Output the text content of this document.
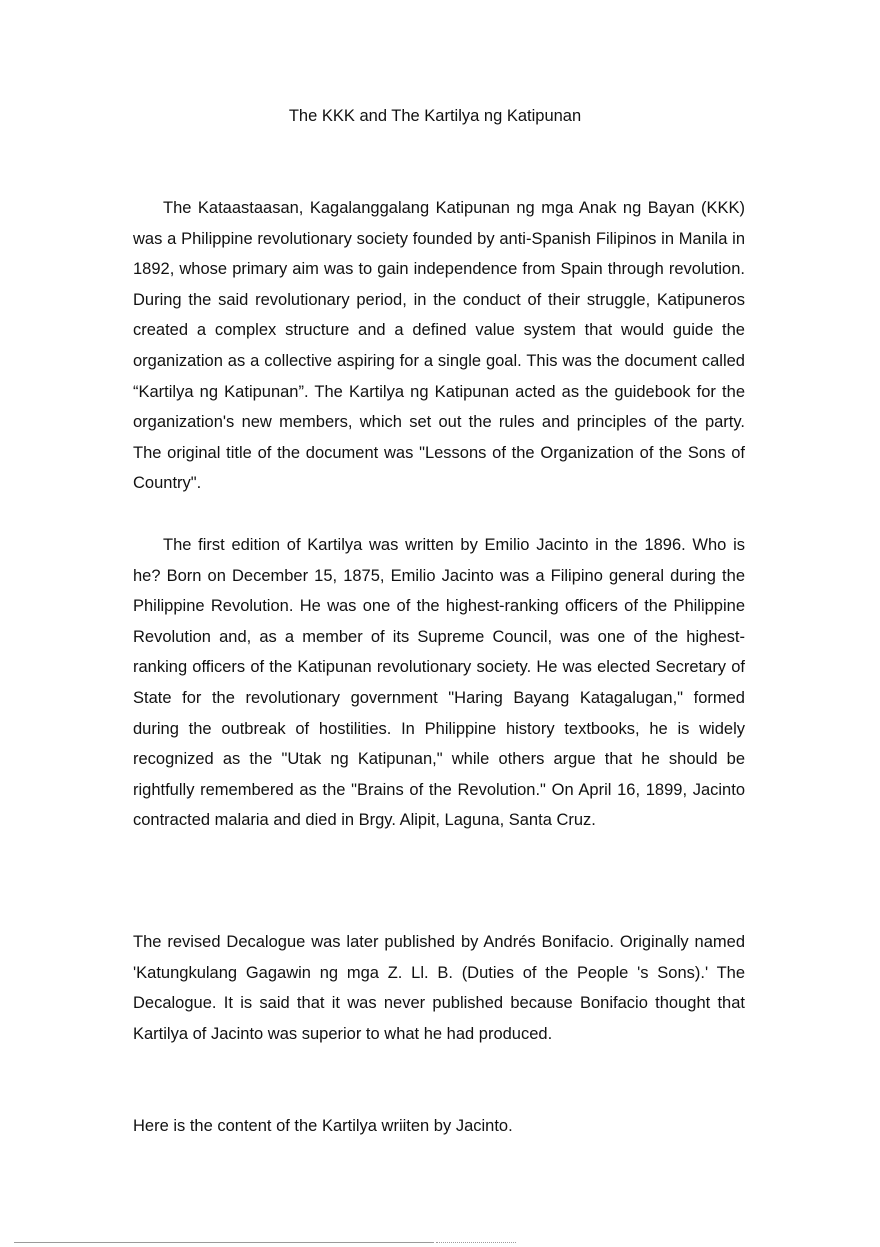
The KKK and The Kartilya ng Katipunan

The Kataastaasan, Kagalanggalang Katipunan ng mga Anak ng Bayan (KKK) was a Philippine revolutionary society founded by anti-Spanish Filipinos in Manila in 1892, whose primary aim was to gain independence from Spain through revolution. During the said revolutionary period, in the conduct of their struggle, Katipuneros created a complex structure and a defined value system that would guide the organization as a collective aspiring for a single goal. This was the document called “Kartilya ng Katipunan”. The Kartilya ng Katipunan acted as the guidebook for the organization's new members, which set out the rules and principles of the party. The original title of the document was "Lessons of the Organization of the Sons of Country".

The first edition of Kartilya was written by Emilio Jacinto in the 1896. Who is he? Born on December 15, 1875, Emilio Jacinto was a Filipino general during the Philippine Revolution. He was one of the highest-ranking officers of the Philippine Revolution and, as a member of its Supreme Council, was one of the highest-ranking officers of the Katipunan revolutionary society. He was elected Secretary of State for the revolutionary government "Haring Bayang Katagalugan," formed during the outbreak of hostilities. In Philippine history textbooks, he is widely recognized as the "Utak ng Katipunan," while others argue that he should be rightfully remembered as the "Brains of the Revolution." On April 16, 1899, Jacinto contracted malaria and died in Brgy. Alipit, Laguna, Santa Cruz.

The revised Decalogue was later published by Andrés Bonifacio. Originally named 'Katungkulang Gagawin ng mga Z. Ll. B. (Duties of the People 's Sons).' The Decalogue. It is said that it was never published because Bonifacio thought that Kartilya of Jacinto was superior to what he had produced.

Here is the content of the Kartilya wriiten by Jacinto.
